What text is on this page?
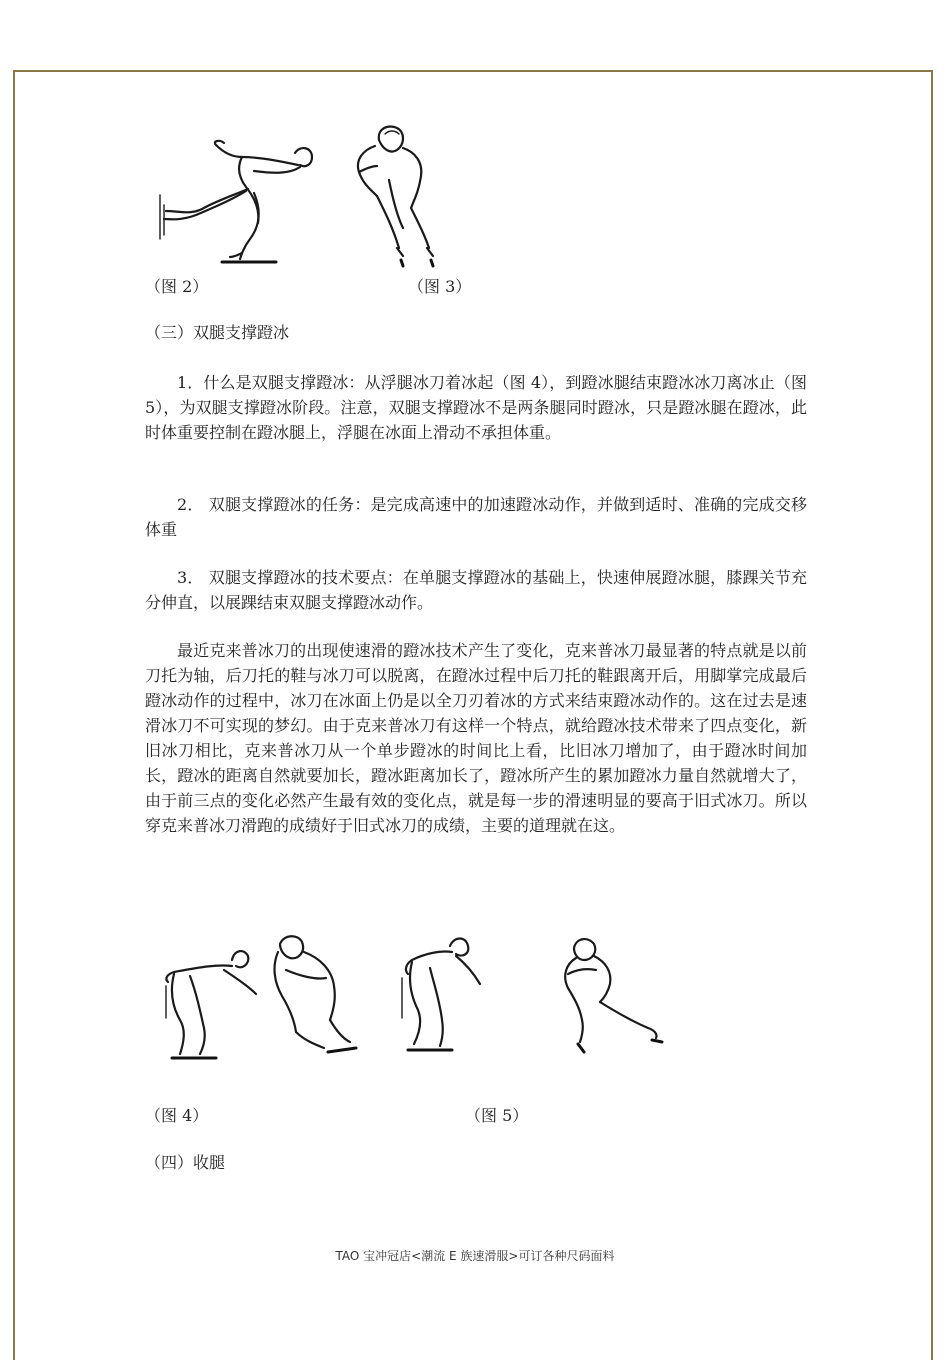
（图 2）	（图 3）
（三）双腿支撑蹬冰

1．什么是双腿支撑蹬冰：从浮腿冰刀着冰起（图 4），到蹬冰腿结束蹬冰冰刀离冰止（图 5），为双腿支撑蹬冰阶段。注意，双腿支撑蹬冰不是两条腿同时蹬冰，只是蹬冰腿在蹬冰，此时体重要控制在蹬冰腿上，浮腿在冰面上滑动不承担体重。

2． 双腿支撑蹬冰的任务：是完成高速中的加速蹬冰动作，并做到适时、准确的完成交移体重

3． 双腿支撑蹬冰的技术要点：在单腿支撑蹬冰的基础上，快速伸展蹬冰腿，膝踝关节充分伸直，以展踝结束双腿支撑蹬冰动作。

最近克来普冰刀的出现使速滑的蹬冰技术产生了变化，克来普冰刀最显著的特点就是以前刀托为轴，后刀托的鞋与冰刀可以脱离，在蹬冰过程中后刀托的鞋跟离开后，用脚掌完成最后蹬冰动作的过程中，冰刀在冰面上仍是以全刀刃着冰的方式来结束蹬冰动作的。这在过去是速滑冰刀不可实现的梦幻。由于克来普冰刀有这样一个特点，就给蹬冰技术带来了四点变化，新旧冰刀相比，克来普冰刀从一个单步蹬冰的时间比上看，比旧冰刀增加了，由于蹬冰时间加长，蹬冰的距离自然就要加长，蹬冰距离加长了，蹬冰所产生的累加蹬冰力量自然就增大了，由于前三点的变化必然产生最有效的变化点，就是每一步的滑速明显的要高于旧式冰刀。所以穿克来普冰刀滑跑的成绩好于旧式冰刀的成绩，主要的道理就在这。

（图 4）	（图 5）
（四）收腿
TAO 宝冲冠店<潮流 E 族速滑服>可订各种尺码面料
